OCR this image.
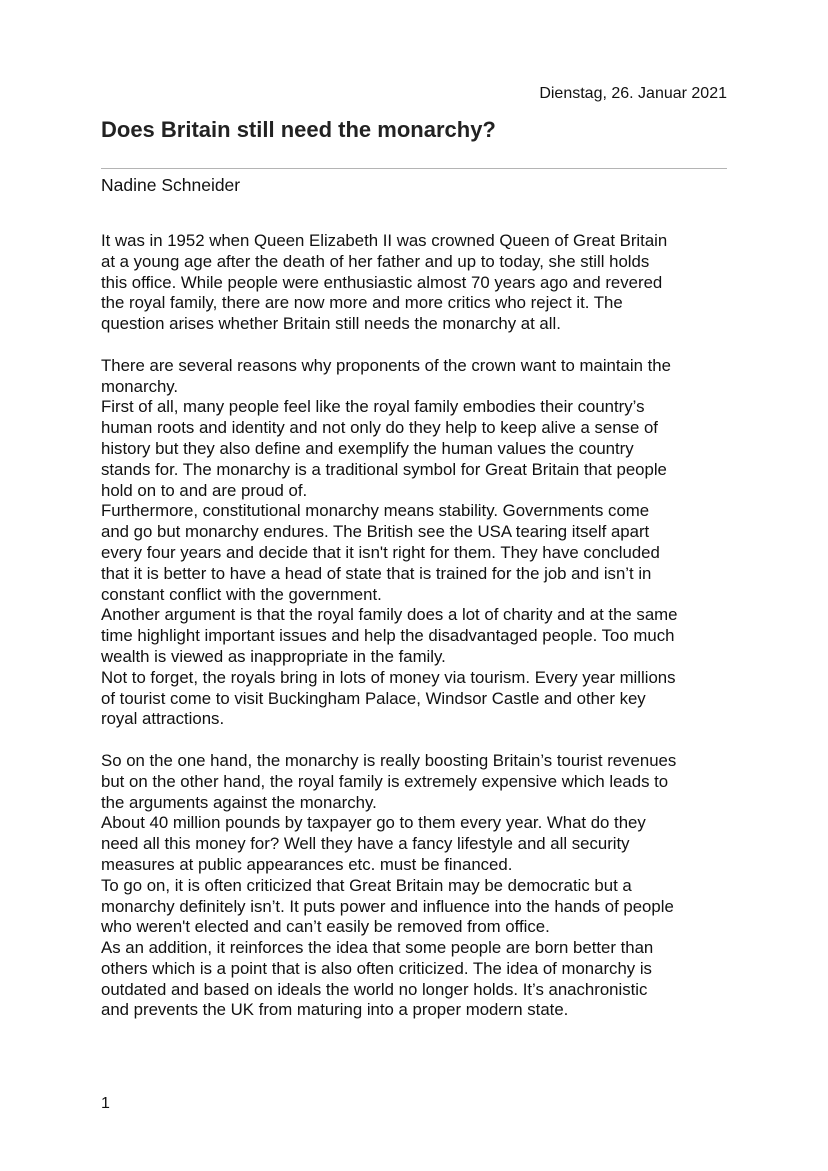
Dienstag, 26. Januar 2021
Does Britain still need the monarchy?
Nadine Schneider

It was in 1952 when Queen Elizabeth II was crowned Queen of Great Britain
at a young age after the death of her father and up to today, she still holds
this office. While people were enthusiastic almost 70 years ago and revered
the royal family, there are now more and more critics who reject it. The
question arises whether Britain still needs the monarchy at all.

There are several reasons why proponents of the crown want to maintain the
monarchy.
First of all, many people feel like the royal family embodies their country’s
human roots and identity and not only do they help to keep alive a sense of
history but they also define and exemplify the human values the country
stands for. The monarchy is a traditional symbol for Great Britain that people
hold on to and are proud of.
Furthermore, constitutional monarchy means stability. Governments come
and go but monarchy endures. The British see the USA tearing itself apart
every four years and decide that it isn't right for them. They have concluded
that it is better to have a head of state that is trained for the job and isn’t in
constant conflict with the government.
Another argument is that the royal family does a lot of charity and at the same
time highlight important issues and help the disadvantaged people. Too much
wealth is viewed as inappropriate in the family.
Not to forget, the royals bring in lots of money via tourism. Every year millions
of tourist come to visit Buckingham Palace, Windsor Castle and other key
royal attractions.

So on the one hand, the monarchy is really boosting Britain’s tourist revenues
but on the other hand, the royal family is extremely expensive which leads to
the arguments against the monarchy.
About 40 million pounds by taxpayer go to them every year. What do they
need all this money for? Well they have a fancy lifestyle and all security
measures at public appearances etc. must be financed.
To go on, it is often criticized that Great Britain may be democratic but a
monarchy definitely isn’t. It puts power and influence into the hands of people
who weren't elected and can’t easily be removed from office.
As an addition, it reinforces the idea that some people are born better than
others which is a point that is also often criticized. The idea of monarchy is
outdated and based on ideals the world no longer holds. It’s anachronistic
and prevents the UK from maturing into a proper modern state.

1
